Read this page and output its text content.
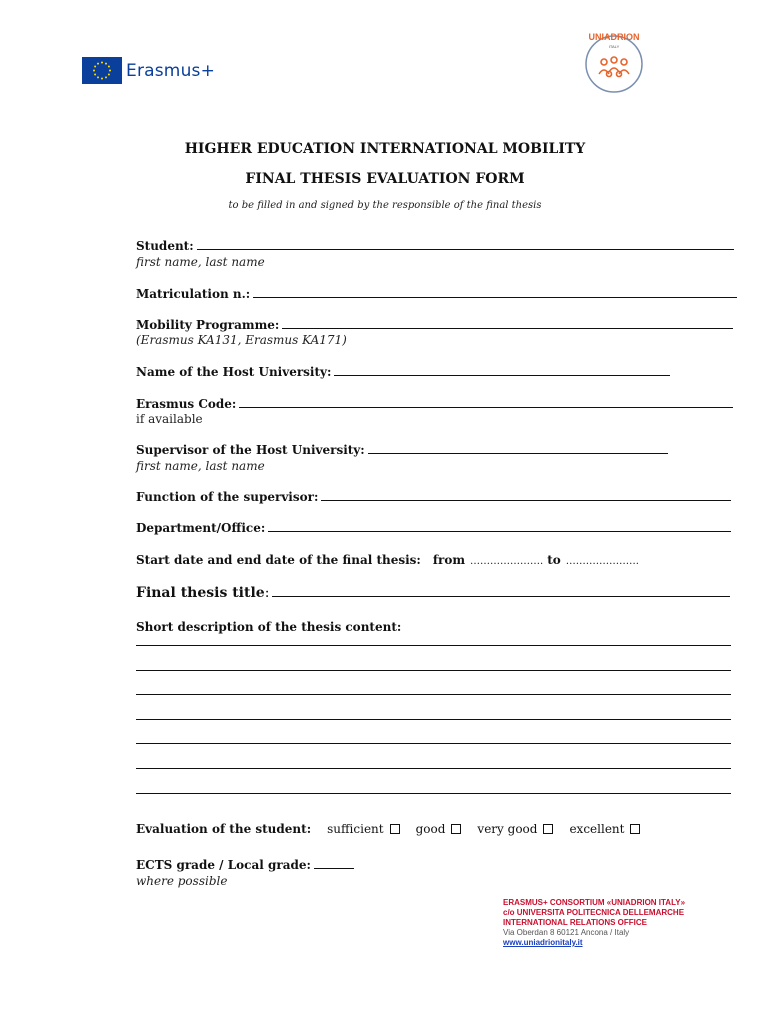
Erasmus+
UNIADRION
ITALY
HIGHER EDUCATION INTERNATIONAL MOBILITY
FINAL THESIS EVALUATION FORM
to be filled in and signed by the responsible of the final thesis
Student:
first name, last name
Matriculation n.:
Mobility Programme:
(Erasmus KA131, Erasmus KA171)
Name of the Host University:
Erasmus Code:
if available
Supervisor of the Host University:
first name, last name
Function of the supervisor:
Department/Office:
Start date and end date of the final thesis: from …………………. to ………………….
Final thesis title :
Short description of the thesis content:
Evaluation of the student: sufficient	good	very good	excellent
ECTS grade / Local grade:
where possible
ERASMUS+ CONSORTIUM «UNIADRION ITALY»
c/o UNIVERSITA POLITECNICA DELLEMARCHE
INTERNATIONAL RELATIONS OFFICE
Via Oberdan 8 60121 Ancona / Italy
www.uniadrionitaly.it
